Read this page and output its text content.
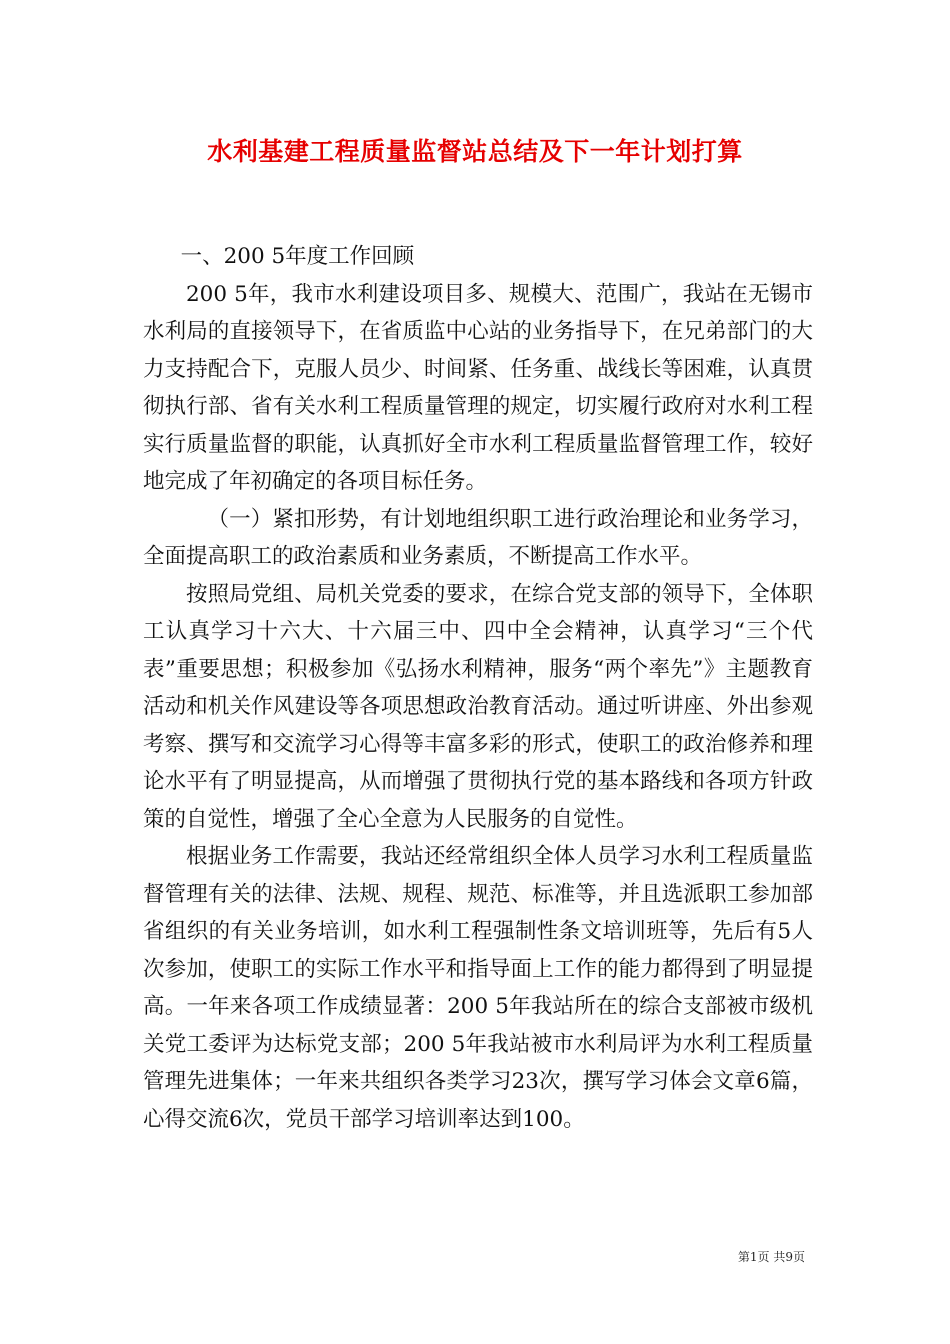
水利基建工程质量监督站总结及下一年计划打算

一、200 5年度工作回顾

200 5年，我市水利建设项目多、规模大、范围广，我站在无锡市水利局的直接领导下，在省质监中心站的业务指导下，在兄弟部门的大力支持配合下，克服人员少、时间紧、任务重、战线长等困难，认真贯彻执行部、省有关水利工程质量管理的规定，切实履行政府对水利工程实行质量监督的职能，认真抓好全市水利工程质量监督管理工作，较好地完成了年初确定的各项目标任务。

（一）紧扣形势，有计划地组织职工进行政治理论和业务学习，全面提高职工的政治素质和业务素质，不断提高工作水平。

按照局党组、局机关党委的要求，在综合党支部的领导下，全体职工认真学习十六大、十六届三中、四中全会精神，认真学习“三个代表”重要思想；积极参加《弘扬水利精神，服务“两个率先”》主题教育活动和机关作风建设等各项思想政治教育活动。通过听讲座、外出参观考察、撰写和交流学习心得等丰富多彩的形式，使职工的政治修养和理论水平有了明显提高，从而增强了贯彻执行党的基本路线和各项方针政策的自觉性，增强了全心全意为人民服务的自觉性。

根据业务工作需要，我站还经常组织全体人员学习水利工程质量监督管理有关的法律、法规、规程、规范、标准等，并且选派职工参加部省组织的有关业务培训，如水利工程强制性条文培训班等，先后有5人次参加，使职工的实际工作水平和指导面上工作的能力都得到了明显提高。一年来各项工作成绩显著：200 5年我站所在的综合支部被市级机关党工委评为达标党支部；200 5年我站被市水利局评为水利工程质量管理先进集体；一年来共组织各类学习23次，撰写学习体会文章6篇，心得交流6次，党员干部学习培训率达到100。

第1页 共9页
